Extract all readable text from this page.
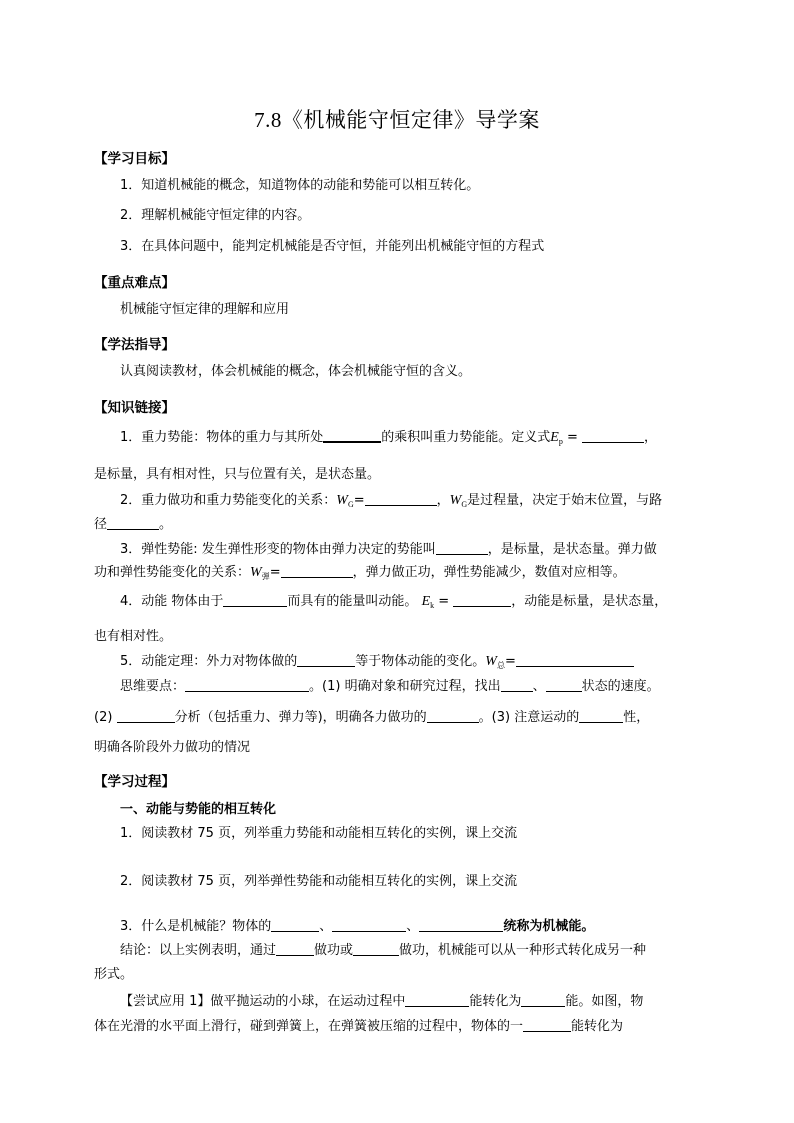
7.8《机械能守恒定律》导学案
【学习目标】
1．知道机械能的概念，知道物体的动能和势能可以相互转化。
2．理解机械能守恒定律的内容。
3．在具体问题中，能判定机械能是否守恒，并能列出机械能守恒的方程式
【重点难点】
机械能守恒定律的理解和应用
【学法指导】
认真阅读教材，体会机械能的概念，体会机械能守恒的含义。
【知识链接】
1．重力势能：物体的重力与其所处	的乘积叫重力势能能。定义式$E_p$ =	，
是标量，具有相对性，只与位置有关，是状态量。
2．重力做功和重力势能变化的关系：$W_G=$	，$W_G$是过程量，决定于始末位置，与路
径	。
3．弹性势能: 发生弹性形变的物体由弹力决定的势能叫	，是标量，是状态量。弹力做
功和弹性势能变化的关系：$W_弹=$	，弹力做正功，弹性势能减少，数值对应相等。
4．动能 物体由于	而具有的能量叫动能。 $E_k$ =	，动能是标量，是状态量，
也有相对性。
5．动能定理：外力对物体做的	等于物体动能的变化。$W_总=$
思维要点：	。(1) 明确对象和研究过程，找出 、	状态的速度。
(2)	分析（包括重力、弹力等)，明确各力做功的	。(3) 注意运动的	性，
明确各阶段外力做功的情况
【学习过程】
一、动能与势能的相互转化
1．阅读教材 75 页，列举重力势能和动能相互转化的实例，课上交流
2．阅读教材 75 页，列举弹性势能和动能相互转化的实例，课上交流
3．什么是机械能？物体的	、	、	统称为机械能。
结论：以上实例表明，通过	做功或	做功，机械能可以从一种形式转化成另一种
形式。
【尝试应用 1】做平抛运动的小球，在运动过程中	能转化为	能。如图，物
体在光滑的水平面上滑行，碰到弹簧上，在弹簧被压缩的过程中，物体的一	能转化为
